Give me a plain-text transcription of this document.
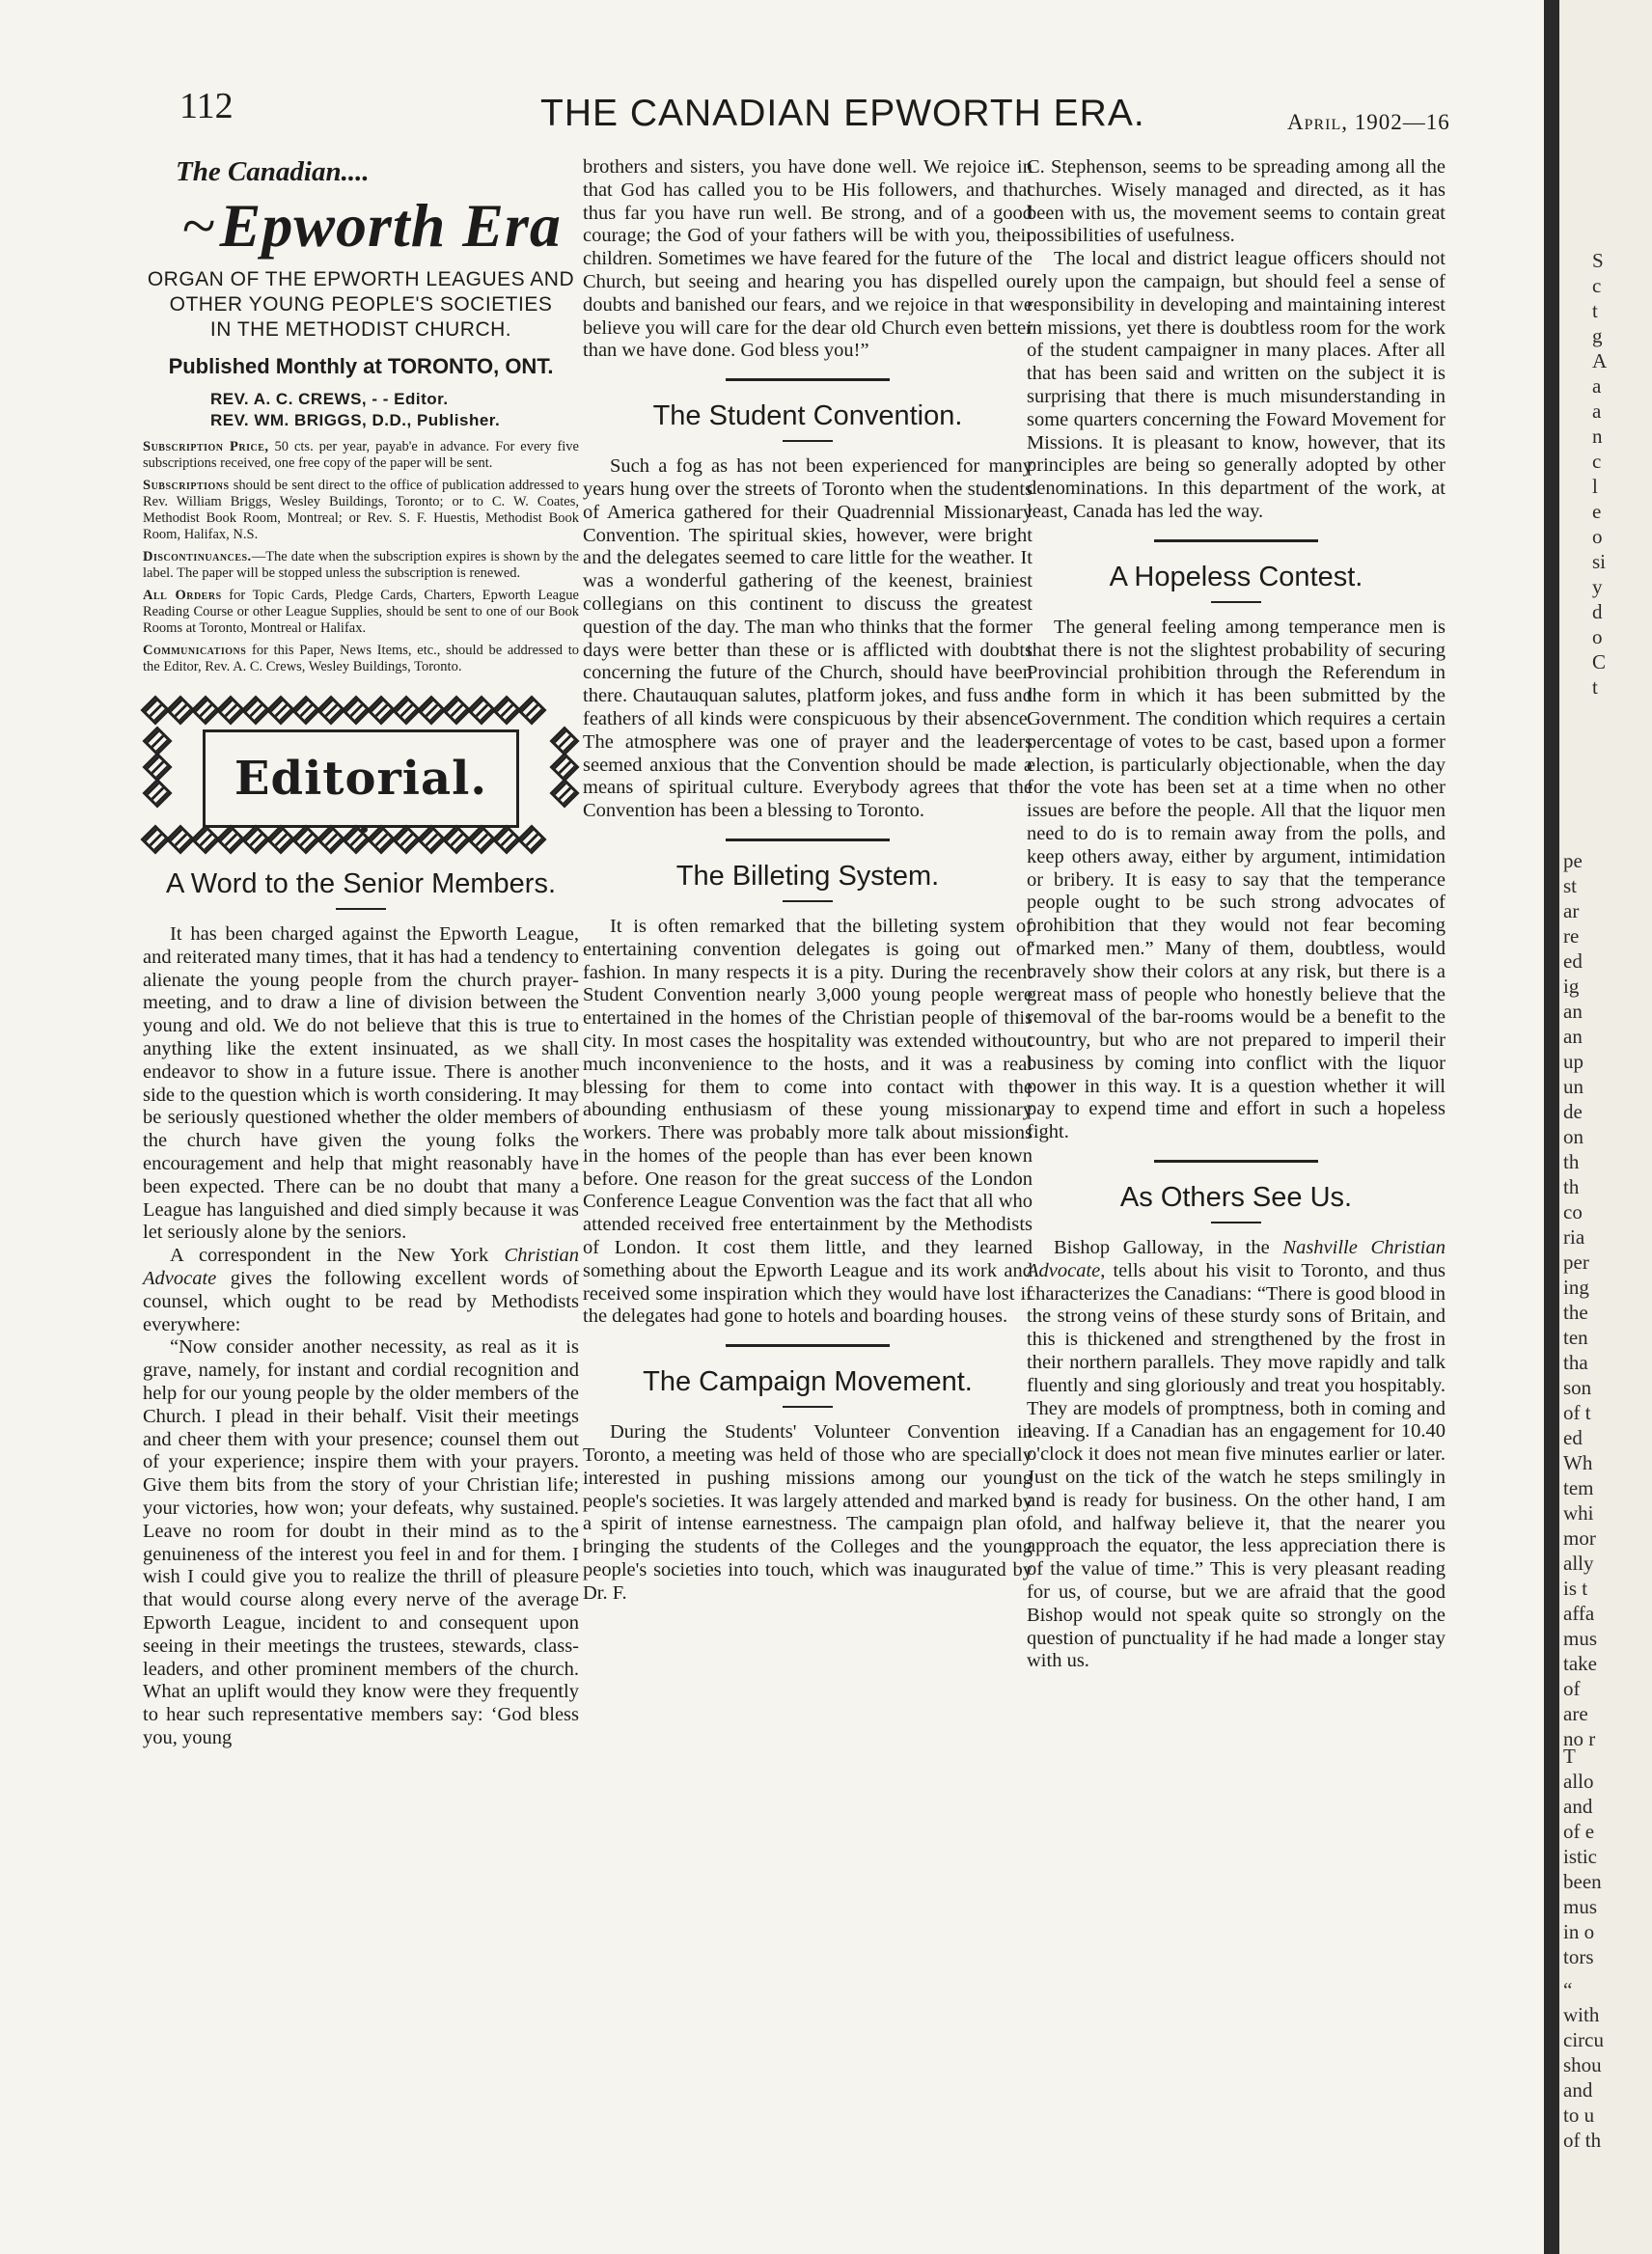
112	THE CANADIAN EPWORTH ERA.	April, 1902—16
The Canadian....
~Epworth Era
ORGAN OF THE EPWORTH LEAGUES AND
OTHER YOUNG PEOPLE'S SOCIETIES
IN THE METHODIST CHURCH.
Published Monthly at TORONTO, ONT.
REV. A. C. CREWS, - - Editor.
REV. WM. BRIGGS, D.D., Publisher.

Subscription Price, 50 cts. per year, payab'e in advance. For every five subscriptions received, one free copy of the paper will be sent.

Subscriptions should be sent direct to the office of publication addressed to Rev. William Briggs, Wesley Buildings, Toronto; or to C. W. Coates, Methodist Book Room, Montreal; or Rev. S. F. Huestis, Methodist Book Room, Halifax, N.S.

Discontinuances.—The date when the subscription expires is shown by the label. The paper will be stopped unless the subscription is renewed.

All Orders for Topic Cards, Pledge Cards, Charters, Epworth League Reading Course or other League Supplies, should be sent to one of our Book Rooms at Toronto, Montreal or Halifax.

Communications for this Paper, News Items, etc., should be addressed to the Editor, Rev. A. C. Crews, Wesley Buildings, Toronto.

Editorial.
A Word to the Senior Members.

It has been charged against the Epworth League, and reiterated many times, that it has had a tendency to alienate the young people from the church prayer-meeting, and to draw a line of division between the young and old. We do not believe that this is true to anything like the extent insinuated, as we shall endeavor to show in a future issue. There is another side to the question which is worth considering. It may be seriously questioned whether the older members of the church have given the young folks the encouragement and help that might reasonably have been expected. There can be no doubt that many a League has languished and died simply because it was let seriously alone by the seniors.

A correspondent in the New York Christian Advocate gives the following excellent words of counsel, which ought to be read by Methodists everywhere:

“Now consider another necessity, as real as it is grave, namely, for instant and cordial recognition and help for our young people by the older members of the Church. I plead in their behalf. Visit their meetings and cheer them with your presence; counsel them out of your experience; inspire them with your prayers. Give them bits from the story of your Christian life; your victories, how won; your defeats, why sustained. Leave no room for doubt in their mind as to the genuineness of the interest you feel in and for them. I wish I could give you to realize the thrill of pleasure that would course along every nerve of the average Epworth League, incident to and consequent upon seeing in their meetings the trustees, stewards, class-leaders, and other prominent members of the church. What an uplift would they know were they frequently to hear such representative members say: ‘God bless you, young

brothers and sisters, you have done well. We rejoice in that God has called you to be His followers, and that thus far you have run well. Be strong, and of a good courage; the God of your fathers will be with you, their children. Sometimes we have feared for the future of the Church, but seeing and hearing you has dispelled our doubts and banished our fears, and we rejoice in that we believe you will care for the dear old Church even better than we have done. God bless you!”

The Student Convention.

Such a fog as has not been experienced for many years hung over the streets of Toronto when the students of America gathered for their Quadrennial Missionary Convention. The spiritual skies, however, were bright and the delegates seemed to care little for the weather. It was a wonderful gathering of the keenest, brainiest collegians on this continent to discuss the greatest question of the day. The man who thinks that the former days were better than these or is afflicted with doubts concerning the future of the Church, should have been there. Chautauquan salutes, platform jokes, and fuss and feathers of all kinds were conspicuous by their absence. The atmosphere was one of prayer and the leaders seemed anxious that the Convention should be made a means of spiritual culture. Everybody agrees that the Convention has been a blessing to Toronto.

The Billeting System.

It is often remarked that the billeting system of entertaining convention delegates is going out of fashion. In many respects it is a pity. During the recent Student Convention nearly 3,000 young people were entertained in the homes of the Christian people of this city. In most cases the hospitality was extended without much inconvenience to the hosts, and it was a real blessing for them to come into contact with the abounding enthusiasm of these young missionary workers. There was probably more talk about missions in the homes of the people than has ever been known before. One reason for the great success of the London Conference League Convention was the fact that all who attended received free entertainment by the Methodists of London. It cost them little, and they learned something about the Epworth League and its work and received some inspiration which they would have lost if the delegates had gone to hotels and boarding houses.

The Campaign Movement.

During the Students' Volunteer Convention in Toronto, a meeting was held of those who are specially interested in pushing missions among our young people's societies. It was largely attended and marked by a spirit of intense earnestness. The campaign plan of bringing the students of the Colleges and the young people's societies into touch, which was inaugurated by Dr. F.

C. Stephenson, seems to be spreading among all the churches. Wisely managed and directed, as it has been with us, the movement seems to contain great possibilities of usefulness.

The local and district league officers should not rely upon the campaign, but should feel a sense of responsibility in developing and maintaining interest in missions, yet there is doubtless room for the work of the student campaigner in many places. After all that has been said and written on the subject it is surprising that there is much misunderstanding in some quarters concerning the Foward Movement for Missions. It is pleasant to know, however, that its principles are being so generally adopted by other denominations. In this department of the work, at least, Canada has led the way.

A Hopeless Contest.

The general feeling among temperance men is that there is not the slightest probability of securing Provincial prohibition through the Referendum in the form in which it has been submitted by the Government. The condition which requires a certain percentage of votes to be cast, based upon a former election, is particularly objectionable, when the day for the vote has been set at a time when no other issues are before the people. All that the liquor men need to do is to remain away from the polls, and keep others away, either by argument, intimidation or bribery. It is easy to say that the temperance people ought to be such strong advocates of prohibition that they would not fear becoming “marked men.” Many of them, doubtless, would bravely show their colors at any risk, but there is a great mass of people who honestly believe that the removal of the bar-rooms would be a benefit to the country, but who are not prepared to imperil their business by coming into conflict with the liquor power in this way. It is a question whether it will pay to expend time and effort in such a hopeless fight.

As Others See Us.

Bishop Galloway, in the Nashville Christian Advocate, tells about his visit to Toronto, and thus characterizes the Canadians: “There is good blood in the strong veins of these sturdy sons of Britain, and this is thickened and strengthened by the frost in their northern parallels. They move rapidly and talk fluently and sing gloriously and treat you hospitably. They are models of promptness, both in coming and leaving. If a Canadian has an engagement for 10.40 o'clock it does not mean five minutes earlier or later. Just on the tick of the watch he steps smilingly in and is ready for business. On the other hand, I am told, and halfway believe it, that the nearer you approach the equator, the less appreciation there is of the value of time.” This is very pleasant reading for us, of course, but we are afraid that the good Bishop would not speak quite so strongly on the question of punctuality if he had made a longer stay with us.

S
c
t
g
A
a
a
n
c
l
e
o
si
y
d
o
C
t
pe
st
ar
re
ed
ig
an
an
up
un
de
on
th
th
co
ria
per
ing
the
ten
tha
son
of t
ed
Wh
tem
whi
mor
ally
is t
affa
mus
take
of
are
no r
T
allo
and
of e
istic
been
mus
in o
tors
“
with
circu
shou
and
to u
of th
